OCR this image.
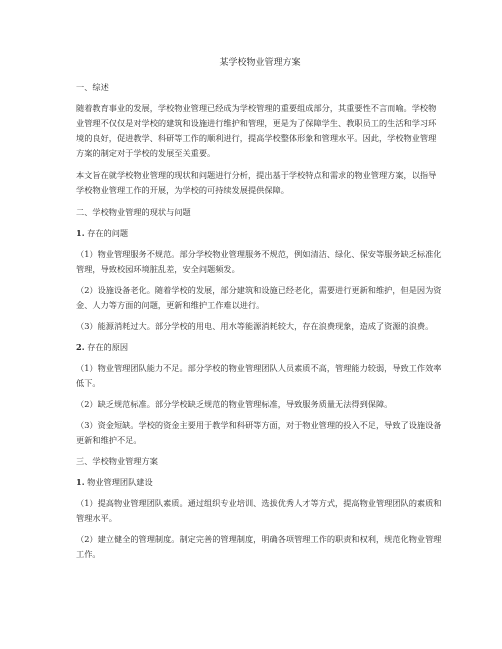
某学校物业管理方案
一、综述
随着教育事业的发展，学校物业管理已经成为学校管理的重要组成部分，其重要性不言而喻。学校物业管理不仅仅是对学校的建筑和设施进行维护和管理，更是为了保障学生、教职员工的生活和学习环境的良好，促进教学、科研等工作的顺利进行，提高学校整体形象和管理水平。因此，学校物业管理方案的制定对于学校的发展至关重要。
本文旨在就学校物业管理的现状和问题进行分析，提出基于学校特点和需求的物业管理方案，以指导学校物业管理工作的开展，为学校的可持续发展提供保障。
二、学校物业管理的现状与问题
1. 存在的问题
（1）物业管理服务不规范。部分学校物业管理服务不规范，例如清洁、绿化、保安等服务缺乏标准化管理，导致校园环境脏乱差，安全问题频发。
（2）设施设备老化。随着学校的发展，部分建筑和设施已经老化，需要进行更新和维护，但是因为资金、人力等方面的问题，更新和维护工作难以进行。
（3）能源消耗过大。部分学校的用电、用水等能源消耗较大，存在浪费现象，造成了资源的浪费。
2. 存在的原因
（1）物业管理团队能力不足。部分学校的物业管理团队人员素质不高，管理能力较弱，导致工作效率低下。
（2）缺乏规范标准。部分学校缺乏规范的物业管理标准，导致服务质量无法得到保障。
（3）资金短缺。学校的资金主要用于教学和科研等方面，对于物业管理的投入不足，导致了设施设备更新和维护不足。
三、学校物业管理方案
1. 物业管理团队建设
（1）提高物业管理团队素质。通过组织专业培训、选拔优秀人才等方式，提高物业管理团队的素质和管理水平。
（2）建立健全的管理制度。制定完善的管理制度，明确各项管理工作的职责和权利，规范化物业管理工作。
